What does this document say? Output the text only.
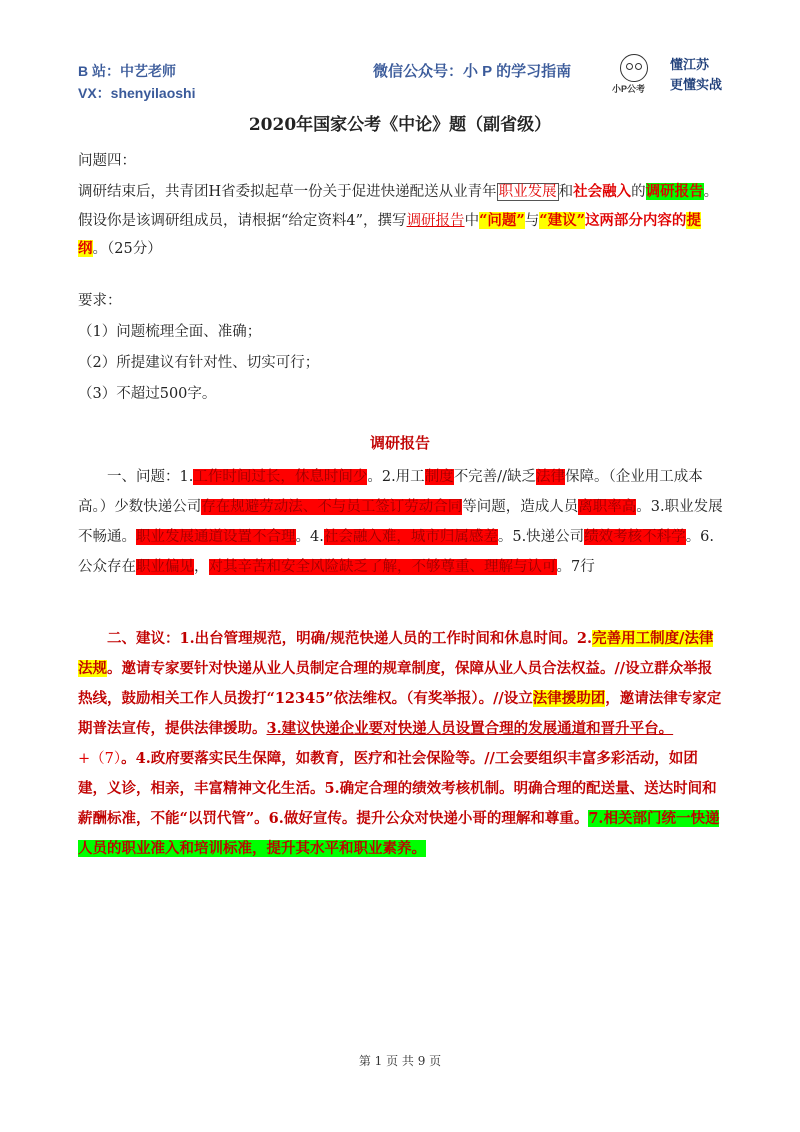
B 站：中艺老师
VX：shenyilaoshi
微信公众号：小 P 的学习指南
小P公考
懂江苏
更懂实战
2020年国家公考《中论》题（副省级）
问题四：
调研结束后，共青团H省委拟起草一份关于促进快递配送从业青年 职业发展 和社会融入的调研报告。假设你是该调研组成员，请根据“给定资料4”，撰写调研报告中“问题”与“建议”这两部分内容的提纲。（25分）
要求：
（1）问题梳理全面、准确；
（2）所提建议有针对性、切实可行；
（3）不超过500字。
调研报告
一、问题：1.工作时间过长，休息时间少。2.用工制度不完善//缺乏法律保障。（企业用工成本高。）少数快递公司存在规避劳动法、不与员工签订劳动合同等问题，造成人员离职率高。3.职业发展不畅通。职业发展通道设置不合理。4.社会融入难，城市归属感差。5.快递公司绩效考核不科学。6.公众存在职业偏见，对其辛苦和安全风险缺乏了解，不够尊重、理解与认可。7行
二、建议：1.出台管理规范，明确/规范快递人员的工作时间和休息时间。2.完善用工制度/法律法规。邀请专家要针对快递从业人员制定合理的规章制度，保障从业人员合法权益。//设立群众举报热线，鼓励相关工作人员拨打“12345”依法维权。（有奖举报）。//设立法律援助团，邀请法律专家定期普法宣传，提供法律援助。3.建议快递企业要对快递人员设置合理的发展通道和晋升平台。+（7）。4.政府要落实民生保障，如教育，医疗和社会保险等。//工会要组织丰富多彩活动，如团建，义诊，相亲，丰富精神文化生活。5.确定合理的绩效考核机制。明确合理的配送量、送达时间和薪酬标准，不能“以罚代管”。6.做好宣传。提升公众对快递小哥的理解和尊重。7.相关部门统一快递人员的职业准入和培训标准，提升其水平和职业素养。
第 1 页 共 9 页
